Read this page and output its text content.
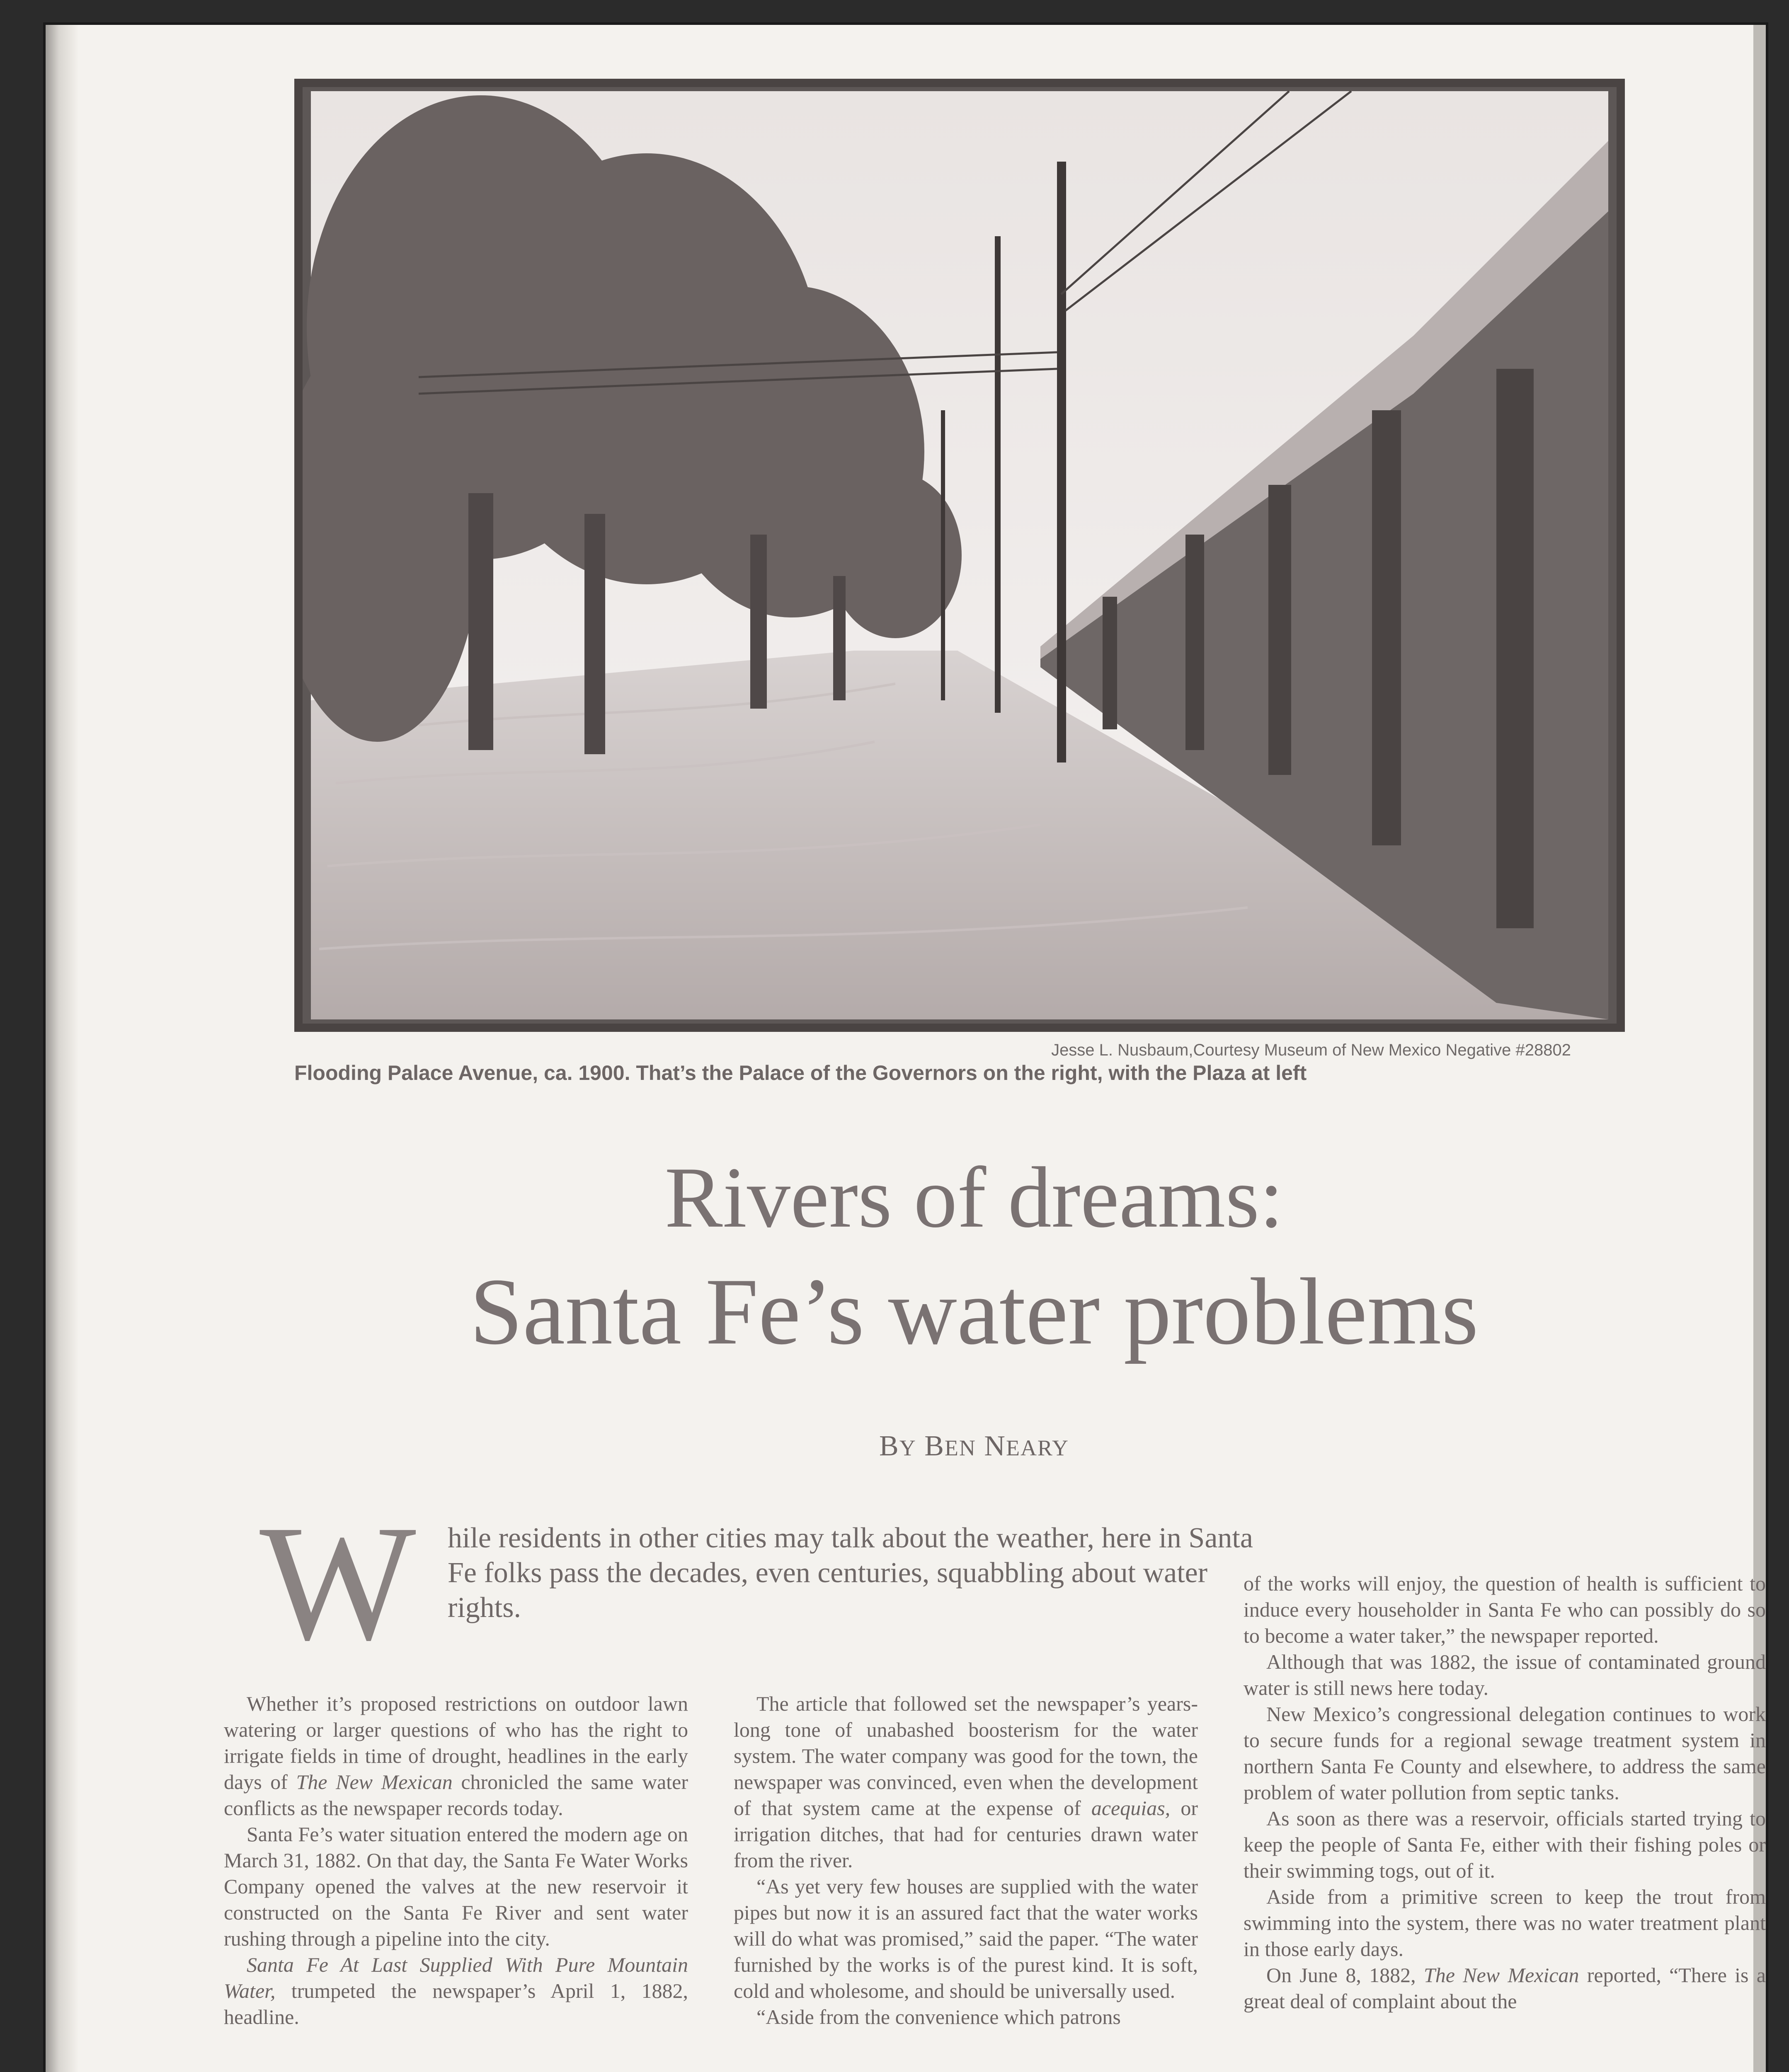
Jesse L. Nusbaum,Courtesy Museum of New Mexico Negative #28802
Flooding Palace Avenue, ca. 1900. That’s the Palace of the Governors on the right, with the Plaza at left
Rivers of dreams:
Santa Fe’s water problems
BY BEN NEARY
W	hile residents in other cities may talk about the weather, here in Santa Fe folks pass the decades, even centuries, squabbling about water rights.

Whether it’s proposed restrictions on outdoor lawn watering or larger questions of who has the right to irrigate fields in time of drought, headlines in the early days of The New Mexican chronicled the same water conflicts as the newspaper records today.

Santa Fe’s water situation entered the modern age on March 31, 1882. On that day, the Santa Fe Water Works Company opened the valves at the new reservoir it constructed on the Santa Fe River and sent water rushing through a pipeline into the city.

Santa Fe At Last Supplied With Pure Mountain Water, trumpeted the newspaper’s April 1, 1882, headline.

The article that followed set the newspaper’s years-long tone of unabashed boosterism for the water system. The water company was good for the town, the newspaper was convinced, even when the development of that system came at the expense of acequias, or irrigation ditches, that had for centuries drawn water from the river.

“As yet very few houses are supplied with the water pipes but now it is an assured fact that the water works will do what was promised,” said the paper. “The water furnished by the works is of the purest kind. It is soft, cold and wholesome, and should be universally used.

“Aside from the convenience which patrons

of the works will enjoy, the question of health is sufficient to induce every householder in Santa Fe who can possibly do so to become a water taker,” the newspaper reported.

Although that was 1882, the issue of contaminated ground water is still news here today.

New Mexico’s congressional delegation continues to work to secure funds for a regional sewage treatment system in northern Santa Fe County and elsewhere, to address the same problem of water pollution from septic tanks.

As soon as there was a reservoir, officials started trying to keep the people of Santa Fe, either with their fishing poles or their swimming togs, out of it.

Aside from a primitive screen to keep the trout from swimming into the system, there was no water treatment plant in those early days.

On June 8, 1882, The New Mexican reported, “There is a great deal of complaint about the
